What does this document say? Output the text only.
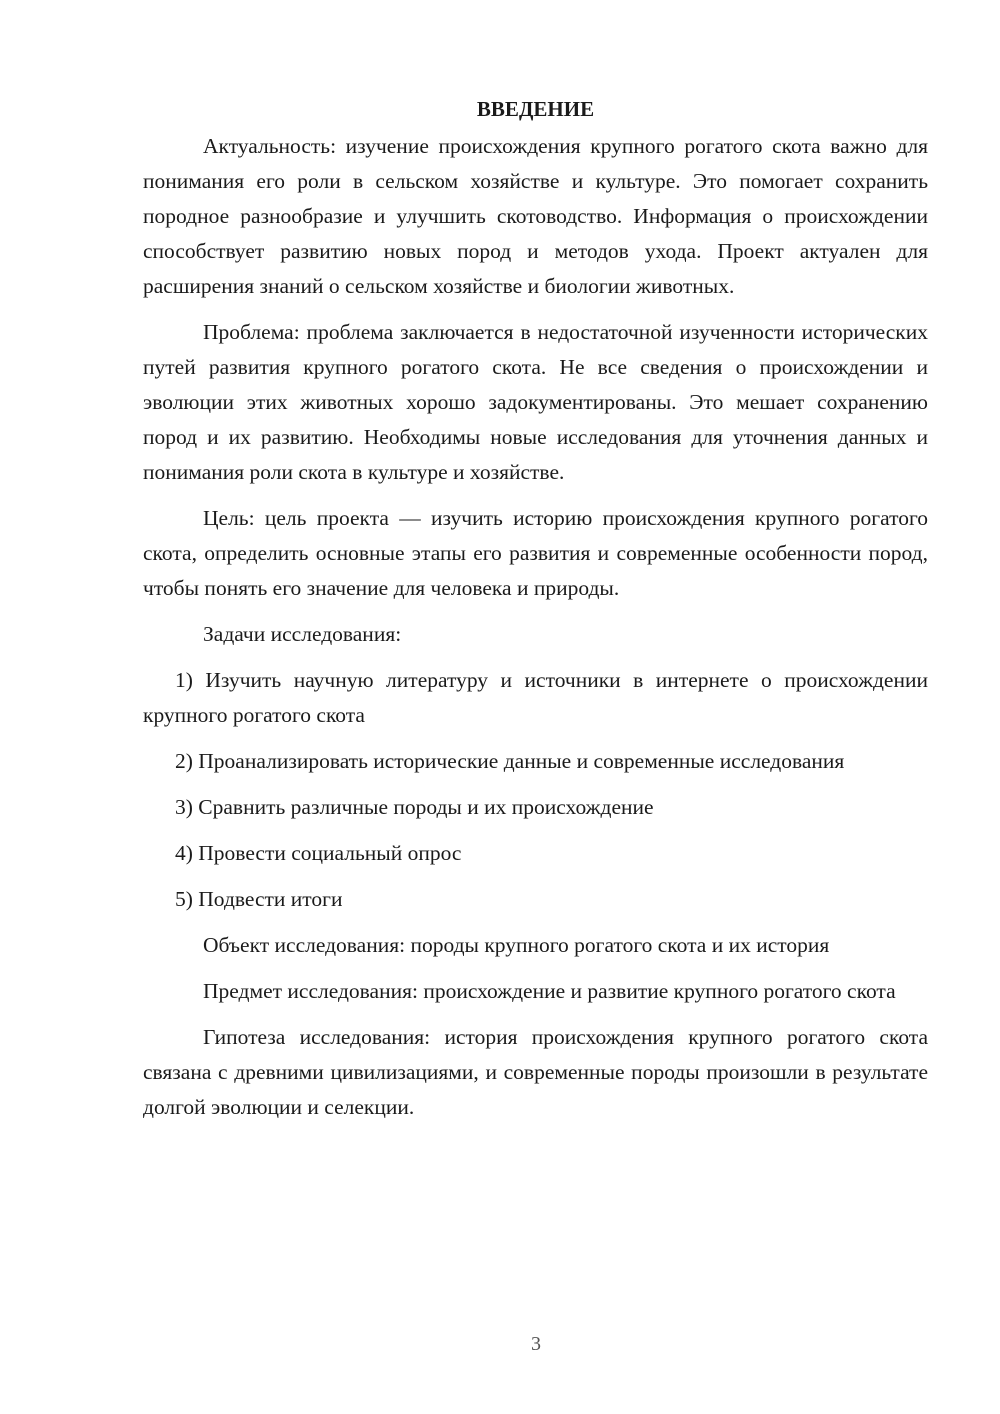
ВВЕДЕНИЕ

Актуальность: изучение происхождения крупного рогатого скота важно для понимания его роли в сельском хозяйстве и культуре. Это помогает сохранить породное разнообразие и улучшить скотоводство. Информация о происхождении способствует развитию новых пород и методов ухода. Проект актуален для расширения знаний о сельском хозяйстве и биологии животных.

Проблема: проблема заключается в недостаточной изученности исторических путей развития крупного рогатого скота. Не все сведения о происхождении и эволюции этих животных хорошо задокументированы. Это мешает сохранению пород и их развитию. Необходимы новые исследования для уточнения данных и понимания роли скота в культуре и хозяйстве.

Цель: цель проекта — изучить историю происхождения крупного рогатого скота, определить основные этапы его развития и современные особенности пород, чтобы понять его значение для человека и природы.

Задачи исследования:

1) Изучить научную литературу и источники в интернете о происхождении крупного рогатого скота

2) Проанализировать исторические данные и современные исследования

3) Сравнить различные породы и их происхождение

4) Провести социальный опрос

5) Подвести итоги

Объект исследования: породы крупного рогатого скота и их история

Предмет исследования: происхождение и развитие крупного рогатого скота

Гипотеза исследования: история происхождения крупного рогатого скота связана с древними цивилизациями, и современные породы произошли в результате долгой эволюции и селекции.

3
